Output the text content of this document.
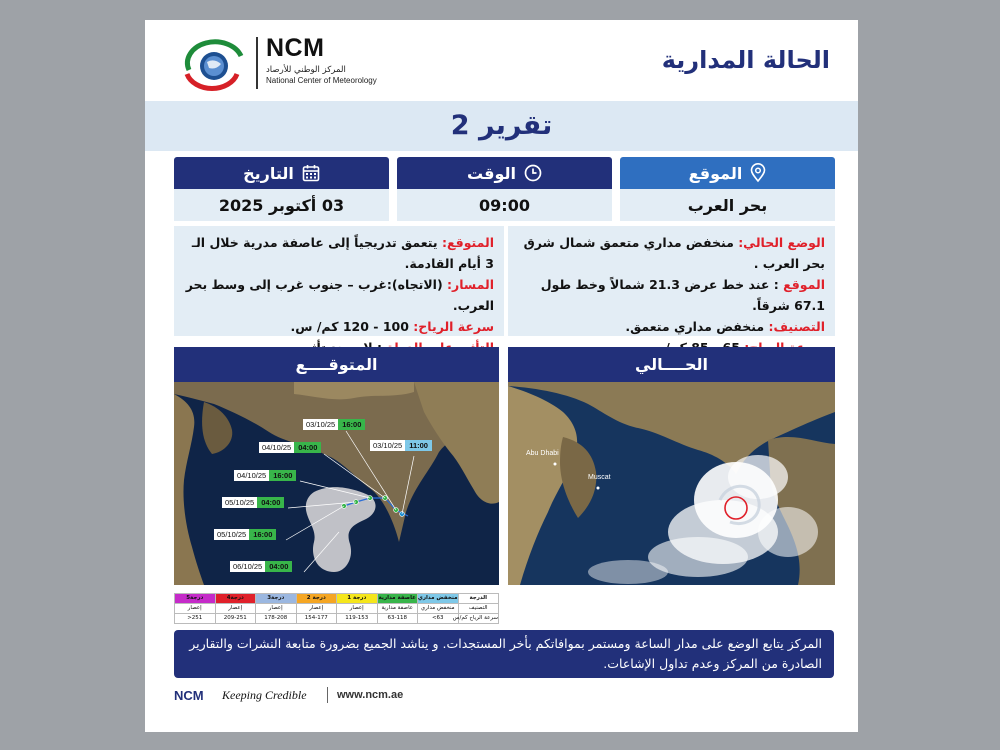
NCM
المركز الوطني للأرصاد
National Center of Meteorology
الحالة المدارية
تقرير 2
التاريخ
03 أكتوبر 2025
الوقت
09:00
الموقع
بحر العرب
المتوقع: يتعمق تدريجياً إلى عاصفة مدرية خلال الـ 3 أيام القادمة.
المسار: (الاتجاه):غرب – جنوب غرب إلى وسط بحر العرب.
سرعة الرياح: 100 - 120 كم/ س.
الوضع الحالي: منخفض مداري متعمق شمال شرق بحر العرب .
الموقع : عند خط عرض 21.3 شمالاً وخط طول 67.1 شرقاً.
التصنيف: منخفض مداري متعمق.
المتوقــــع	الحــــالي
03/10/25 11:00
03/10/25 16:00
04/10/25 04:00
04/10/25 16:00
05/10/25 04:00
05/10/25 16:00
06/10/25 04:00
Abu Dhabi
Muscat
الدرجة	منخفض مداري	عاصفة مدارية	درجة 1	درجة 2	درجة3	درجة4	درجة5
التصنيف	منخفض مداري	عاصفة مدارية	إعصار	إعصار	إعصار	إعصار	إعصار
سرعة الرياح كم/س	63>	63-118	119-153	154-177	178-208	209-251	251<
المركز يتابع الوضع على مدار الساعة ومستمر بموافاتكم بأخر المستجدات. و يناشد الجميع بضرورة متابعة النشرات والتقارير الصادرة من المركز وعدم تداول الإشاعات.
NCM Keeping Credible	www.ncm.ae
